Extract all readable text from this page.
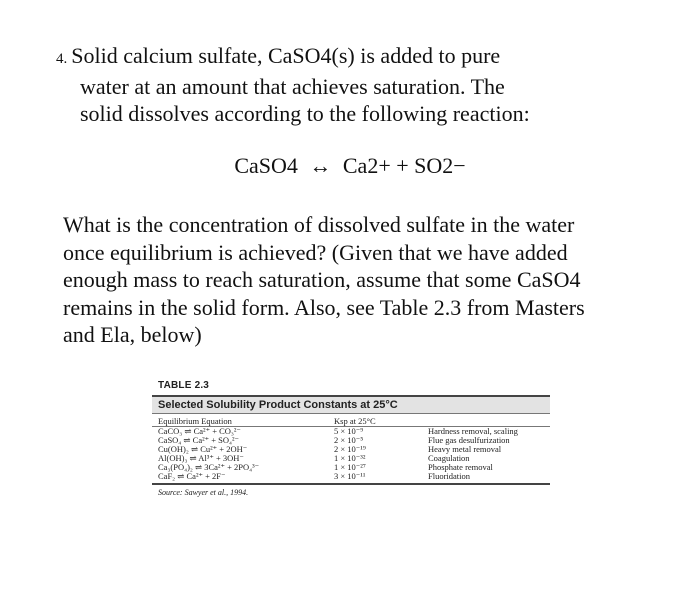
4. Solid calcium sulfate, CaSO4(s) is added to pure

water at an amount that achieves saturation. The

solid dissolves according to the following reaction:

CaSO4 ↔ Ca2+ + SO2−

What is the concentration of dissolved sulfate in the water

once equilibrium is achieved? (Given that we have added

enough mass to reach saturation, assume that some CaSO4

remains in the solid form. Also, see Table 2.3 from Masters

and Ela, below)

TABLE 2.3
Selected Solubility Product Constants at 25°C
Equilibrium Equation	Ksp at 25°C	
CaCO₃ ⇌ Ca²⁺ + CO₃²⁻	5 × 10⁻⁹	Hardness removal, scaling
CaSO₄ ⇌ Ca²⁺ + SO₄²⁻	2 × 10⁻⁵	Flue gas desulfurization
Cu(OH)₂ ⇌ Cu²⁺ + 2OH⁻	2 × 10⁻¹⁹	Heavy metal removal
Al(OH)₃ ⇌ Al³⁺ + 3OH⁻	1 × 10⁻³²	Coagulation
Ca₃(PO₄)₂ ⇌ 3Ca²⁺ + 2PO₄³⁻	1 × 10⁻²⁷	Phosphate removal
CaF₂ ⇌ Ca²⁺ + 2F⁻	3 × 10⁻¹¹	Fluoridation
Source: Sawyer et al., 1994.
